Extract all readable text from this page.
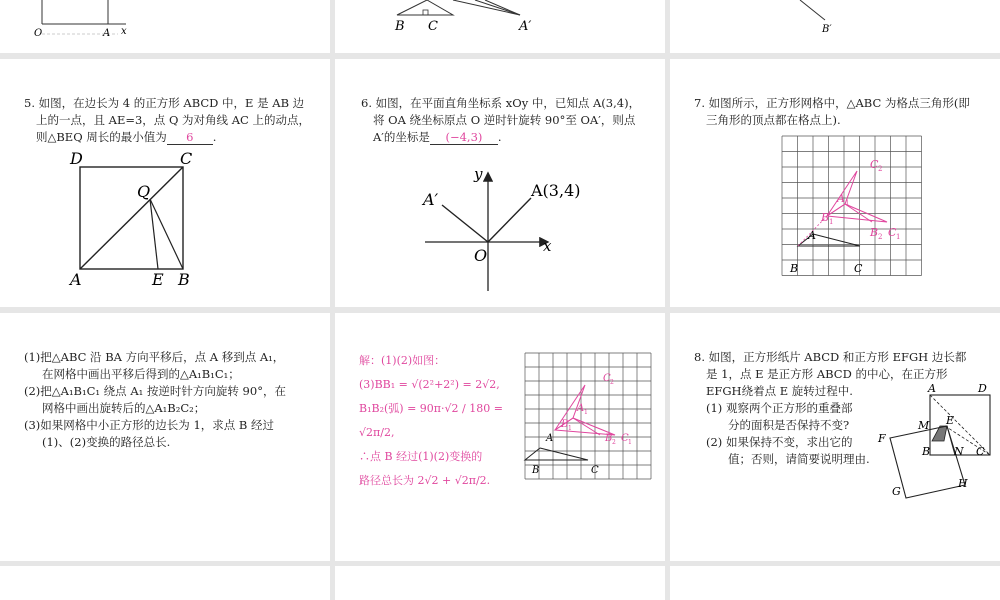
O	A x	B C	A′	B′
5. 如图，在边长为 4 的正方形 ABCD 中，E 是 AB 边
上的一点，且 AE=3，点 Q 为对角线 AC 上的动点，
则△BEQ 周长的最小值为 6 .
D	C
Q
A	E B
6. 如图，在平面直角坐标系 xOy 中，已知点 A(3,4)，
将 OA 绕坐标原点 O 逆时针旋转 90°至 OA′，则点
A′的坐标是 (−4,3) .
y
A(3,4)
A′
O	x
7. 如图所示，正方形网格中，△ABC 为格点三角形(即
三角形的顶点都在格点上).
C 2
A 1
B 1
B 2 C 1
A
B	C
(1)把△ABC 沿 BA 方向平移后，点 A 移到点 A₁，
在网格中画出平移后得到的△A₁B₁C₁；
(2)把△A₁B₁C₁ 绕点 A₁ 按逆时针方向旋转 90°，在
网格中画出旋转后的△A₁B₂C₂；
(3)如果网格中小正方形的边长为 1，求点 B 经过
(1)、(2)变换的路径总长.
解：(1)(2)如图：
(3)BB₁ = √(2²+2²) = 2√2,
B₁B₂(弧) = 90π·√2 / 180 = √2π/2,
∴点 B 经过(1)(2)变换的
路径总长为 2√2 + √2π/2.
C 2
A 1
B 1
B 2 C 1
A
B	C
8. 如图，正方形纸片 ABCD 和正方形 EFGH 边长都
是 1，点 E 是正方形 ABCD 的中心，在正方形
EFGH绕着点 E 旋转过程中.
(1) 观察两个正方形的重叠部
分的面积是否保持不变?
(2) 如果保持不变，求出它的
值；否则，请简要说明理由.
A	D
M E
F
B N C
G
H
